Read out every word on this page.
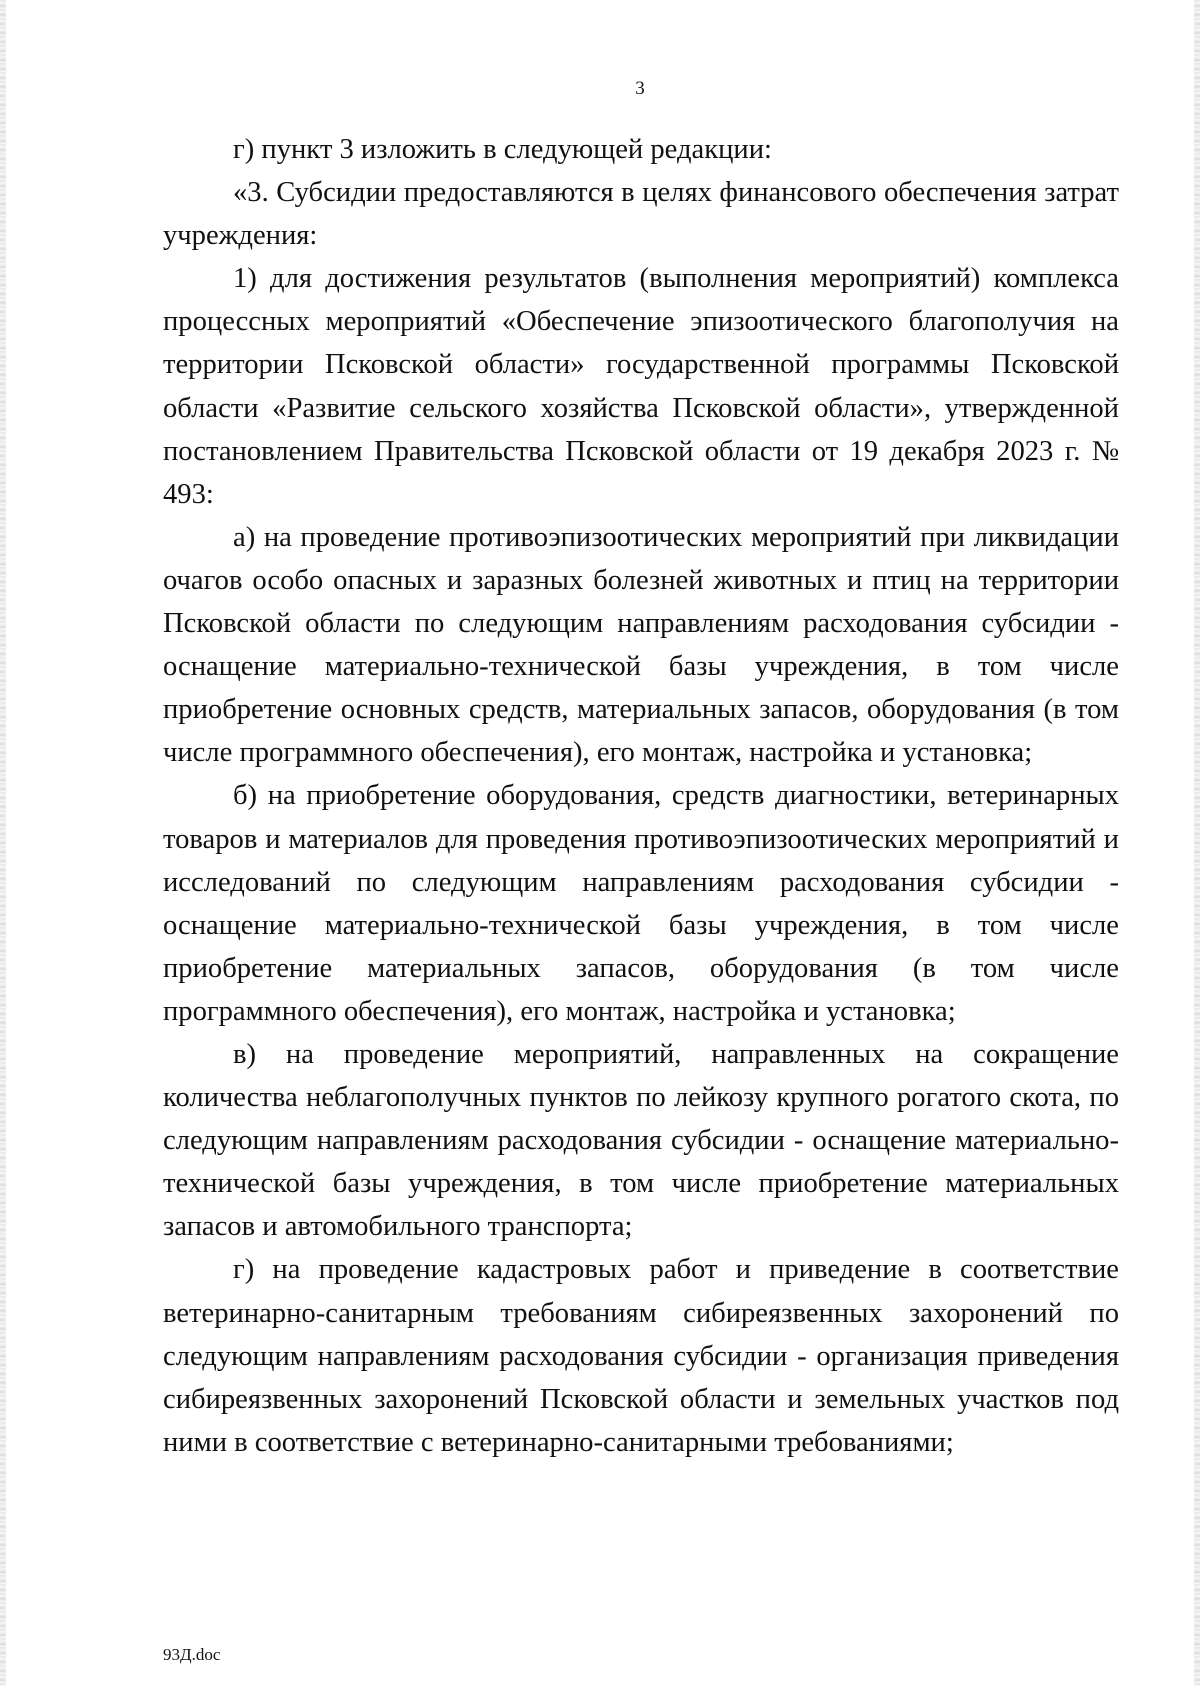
3

г) пункт 3 изложить в следующей редакции:

«3. Субсидии предоставляются в целях финансового обеспечения затрат учреждения:

1) для достижения результатов (выполнения мероприятий) комплекса процессных мероприятий «Обеспечение эпизоотического благополучия на территории Псковской области» государственной программы Псковской области «Развитие сельского хозяйства Псковской области», утвержденной постановлением Правительства Псковской области от 19 декабря 2023 г. № 493:

а) на проведение противоэпизоотических мероприятий при ликвидации очагов особо опасных и заразных болезней животных и птиц на территории Псковской области по следующим направлениям расходования субсидии - оснащение материально-технической базы учреждения, в том числе приобретение основных средств, материальных запасов, оборудования (в том числе программного обеспечения), его монтаж, настройка и установка;

б) на приобретение оборудования, средств диагностики, ветеринарных товаров и материалов для проведения противоэпизоотических мероприятий и исследований по следующим направлениям расходования субсидии - оснащение материально-технической базы учреждения, в том числе приобретение материальных запасов, оборудования (в том числе программного обеспечения), его монтаж, настройка и установка;

в) на проведение мероприятий, направленных на сокращение количества неблагополучных пунктов по лейкозу крупного рогатого скота, по следующим направлениям расходования субсидии - оснащение материально-технической базы учреждения, в том числе приобретение материальных запасов и автомобильного транспорта;

г) на проведение кадастровых работ и приведение в соответствие ветеринарно-санитарным требованиям сибиреязвенных захоронений по следующим направлениям расходования субсидии - организация приведения сибиреязвенных захоронений Псковской области и земельных участков под ними в соответствие с ветеринарно-санитарными требованиями;

93Д.doc
